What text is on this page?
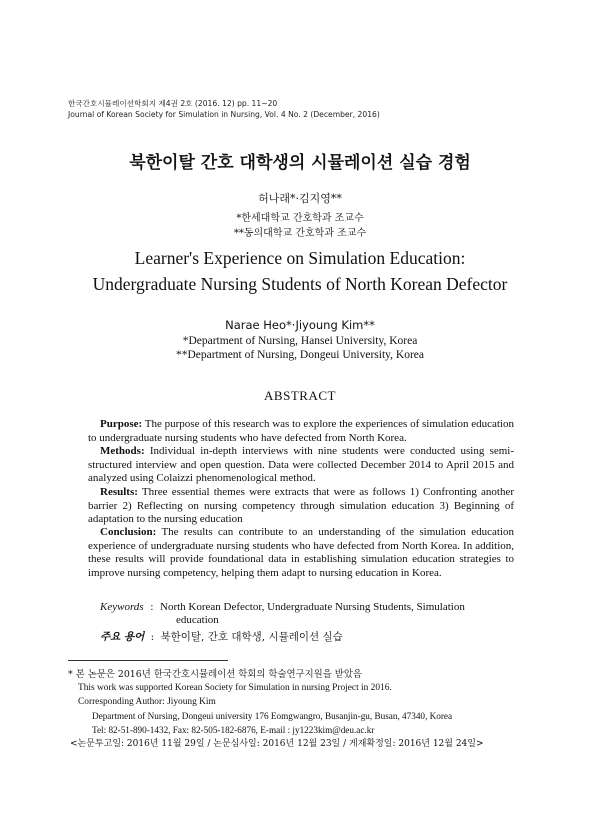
한국간호시뮬레이션학회지 제4권 2호 (2016. 12) pp. 11~20
Journal of Korean Society for Simulation in Nursing, Vol. 4 No. 2 (December, 2016)
북한이탈 간호 대학생의 시뮬레이션 실습 경험
허나래*·김지영**
*한세대학교 간호학과 조교수
**동의대학교 간호학과 조교수
Learner's Experience on Simulation Education:
Undergraduate Nursing Students of North Korean Defector
Narae Heo*·Jiyoung Kim**
*Department of Nursing, Hansei University, Korea
**Department of Nursing, Dongeui University, Korea
ABSTRACT
Purpose: The purpose of this research was to explore the experiences of simulation education to undergraduate nursing students who have defected from North Korea.
Methods: Individual in-depth interviews with nine students were conducted using semi-structured interview and open question. Data were collected December 2014 to April 2015 and analyzed using Colaizzi phenomenological method.
Results: Three essential themes were extracts that were as follows 1) Confronting another barrier 2) Reflecting on nursing competency through simulation education 3) Beginning of adaptation to the nursing education
Conclusion: The results can contribute to an understanding of the simulation education experience of undergraduate nursing students who have defected from North Korea. In addition, these results will provide foundational data in establishing simulation education strategies to improve nursing competency, helping them adapt to nursing education in Korea.
Keywords : North Korean Defector, Undergraduate Nursing Students, Simulation
education
주요 용어 : 북한이탈, 간호 대학생, 시뮬레이션 실습
* 본 논문은 2016년 한국간호시뮬레이션 학회의 학술연구지원을 받았음
This work was supported Korean Society for Simulation in nursing Project in 2016.
Corresponding Author: Jiyoung Kim
Department of Nursing, Dongeui university 176 Eomgwangro, Busanjin-gu, Busan, 47340, Korea
Tel: 82-51-890-1432, Fax: 82-505-182-6876, E-mail : jy1223kim@deu.ac.kr
<논문투고일: 2016년 11월 29일 / 논문심사일: 2016년 12월 23일 / 게재확정일: 2016년 12월 24일>
